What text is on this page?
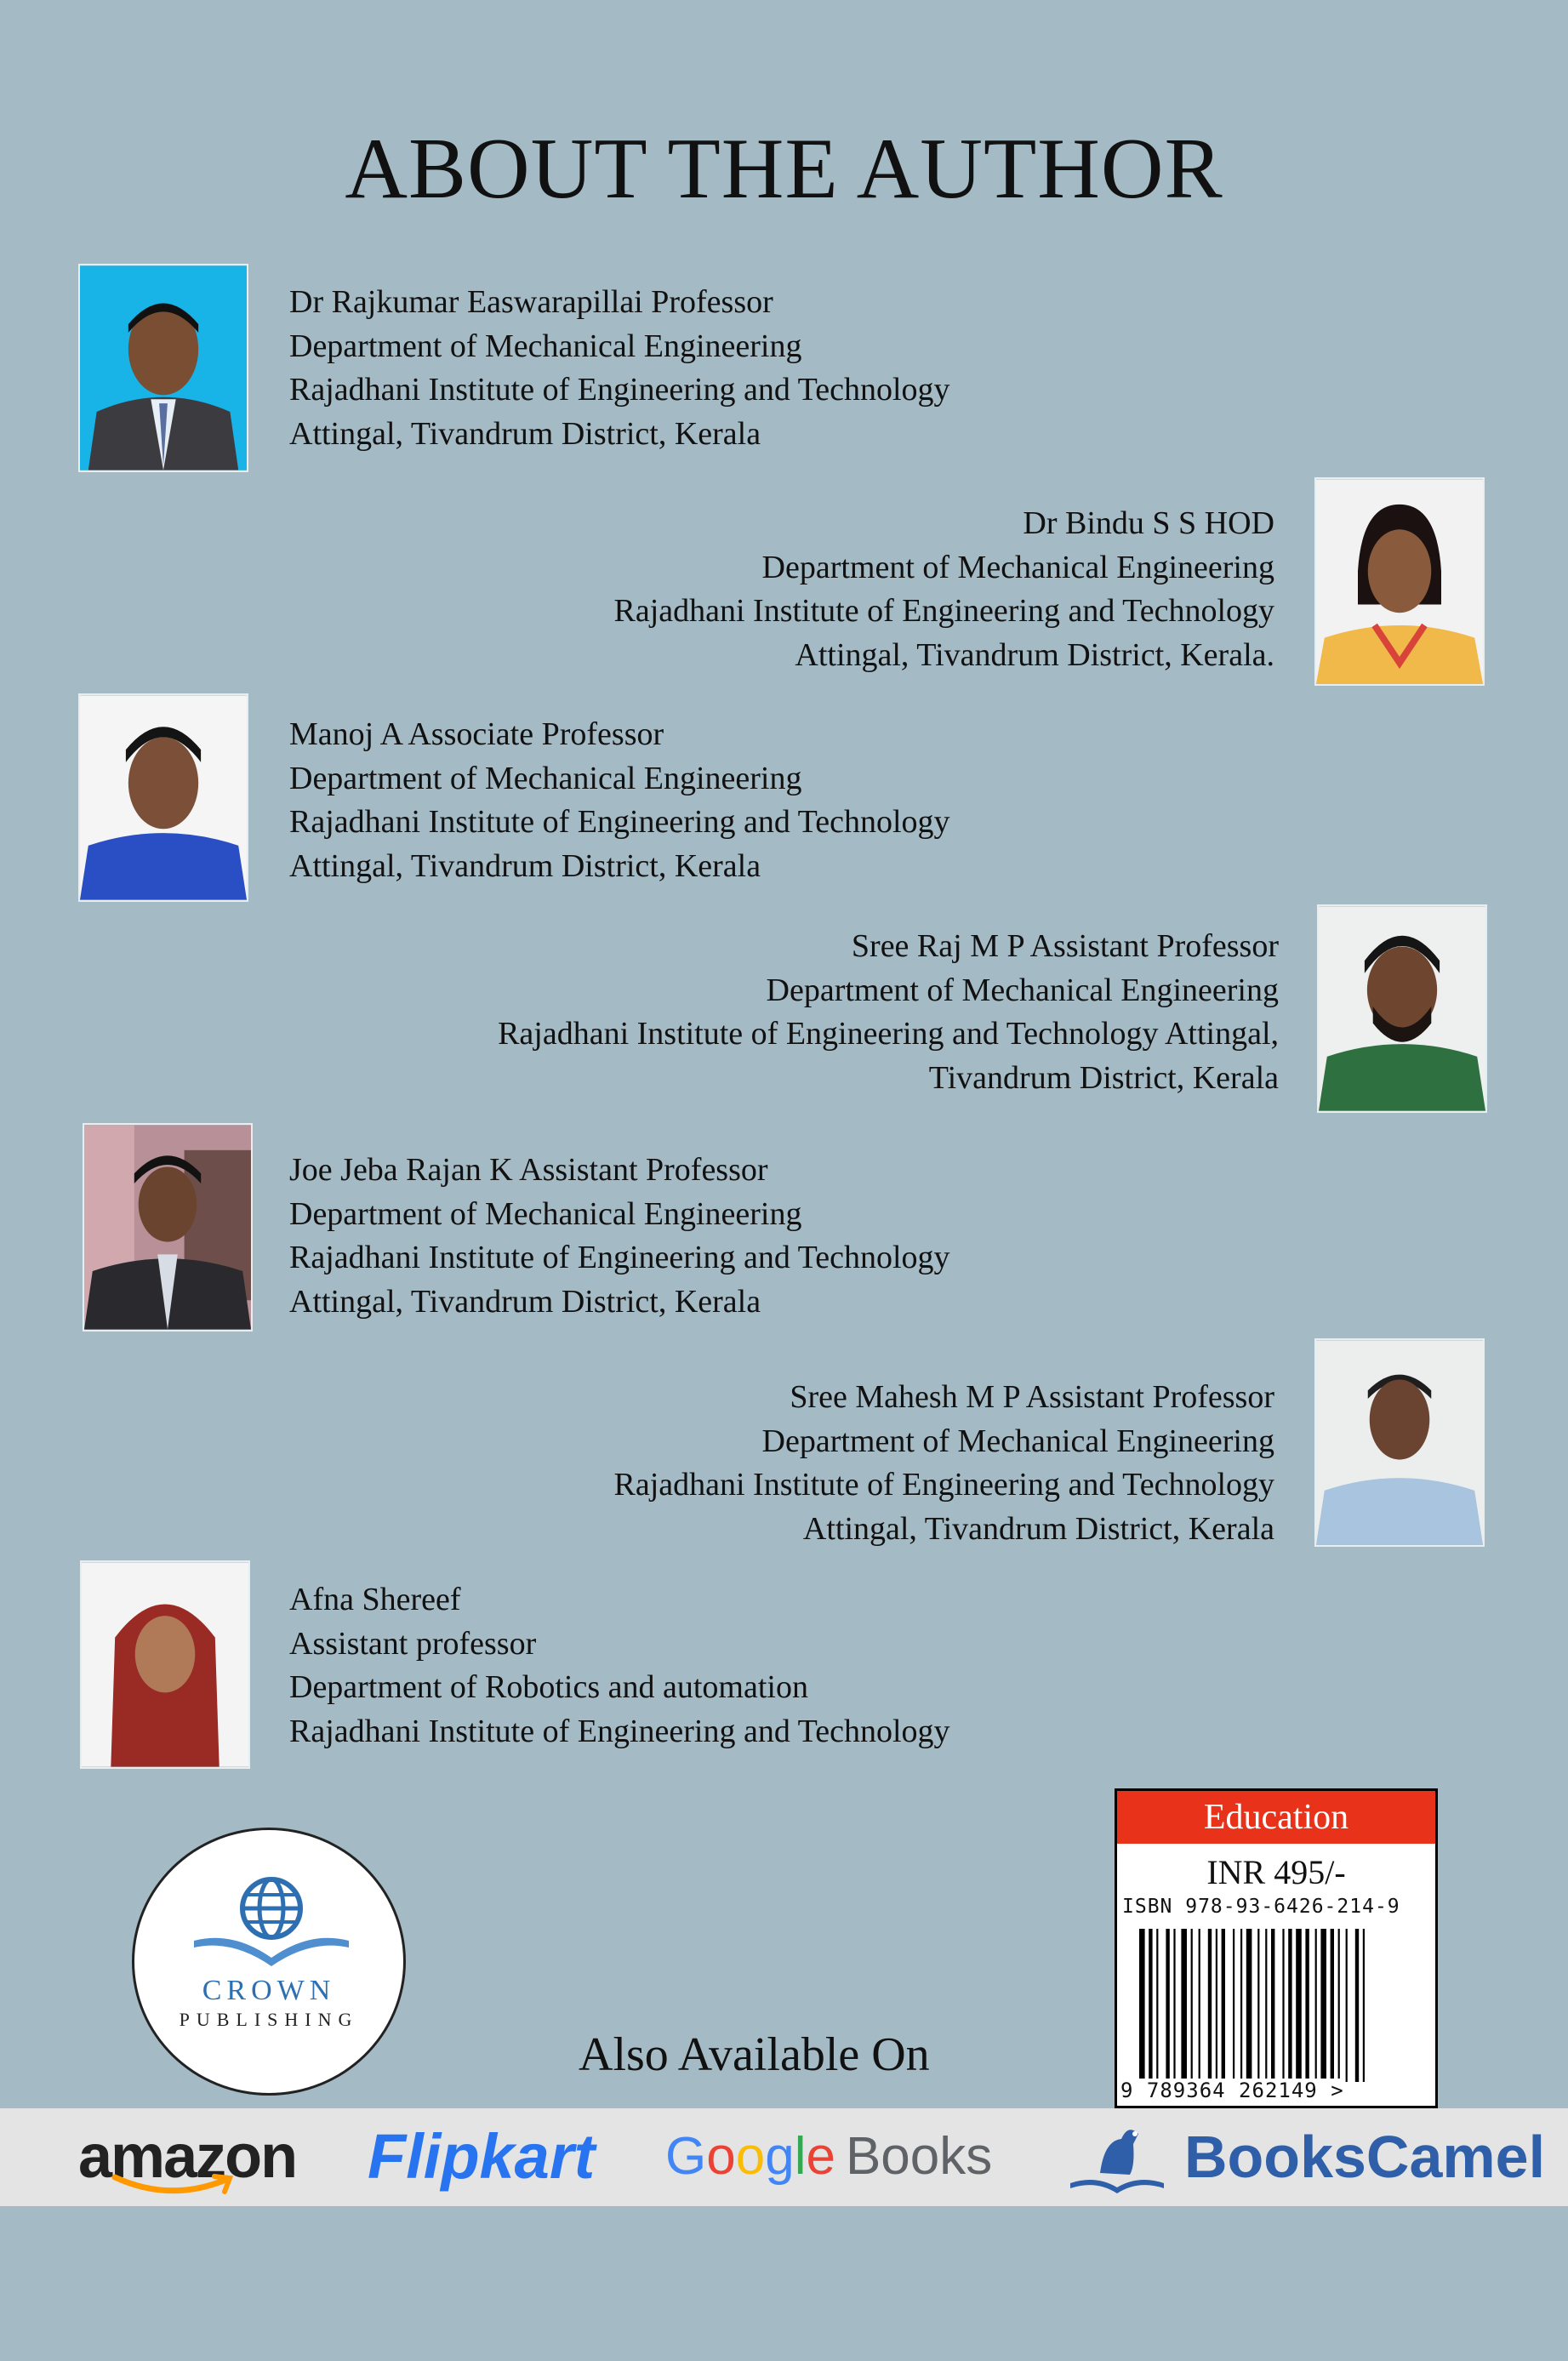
ABOUT THE AUTHOR
Dr Rajkumar Easwarapillai Professor
Department of Mechanical Engineering
Rajadhani Institute of Engineering and Technology
Attingal, Tivandrum District, Kerala
Dr Bindu S S HOD
Department of Mechanical Engineering
Rajadhani Institute of Engineering and Technology
Attingal, Tivandrum District, Kerala.
Manoj A Associate Professor
Department of Mechanical Engineering
Rajadhani Institute of Engineering and Technology
Attingal, Tivandrum District, Kerala
Sree Raj M P Assistant Professor
Department of Mechanical Engineering
Rajadhani Institute of Engineering and Technology Attingal,
Tivandrum District, Kerala
Joe Jeba Rajan K Assistant Professor
Department of Mechanical Engineering
Rajadhani Institute of Engineering and Technology
Attingal, Tivandrum District, Kerala
Sree Mahesh M P Assistant Professor
Department of Mechanical Engineering
Rajadhani Institute of Engineering and Technology
Attingal, Tivandrum District, Kerala
Afna Shereef
Assistant professor
Department of Robotics and automation
Rajadhani Institute of Engineering and Technology
CROWN
PUBLISHING
Also Available On
Education
INR 495/-
ISBN 978-93-6426-214-9
9 789364 262149 >
amazon Flipkart Google Books	BooksCamel
